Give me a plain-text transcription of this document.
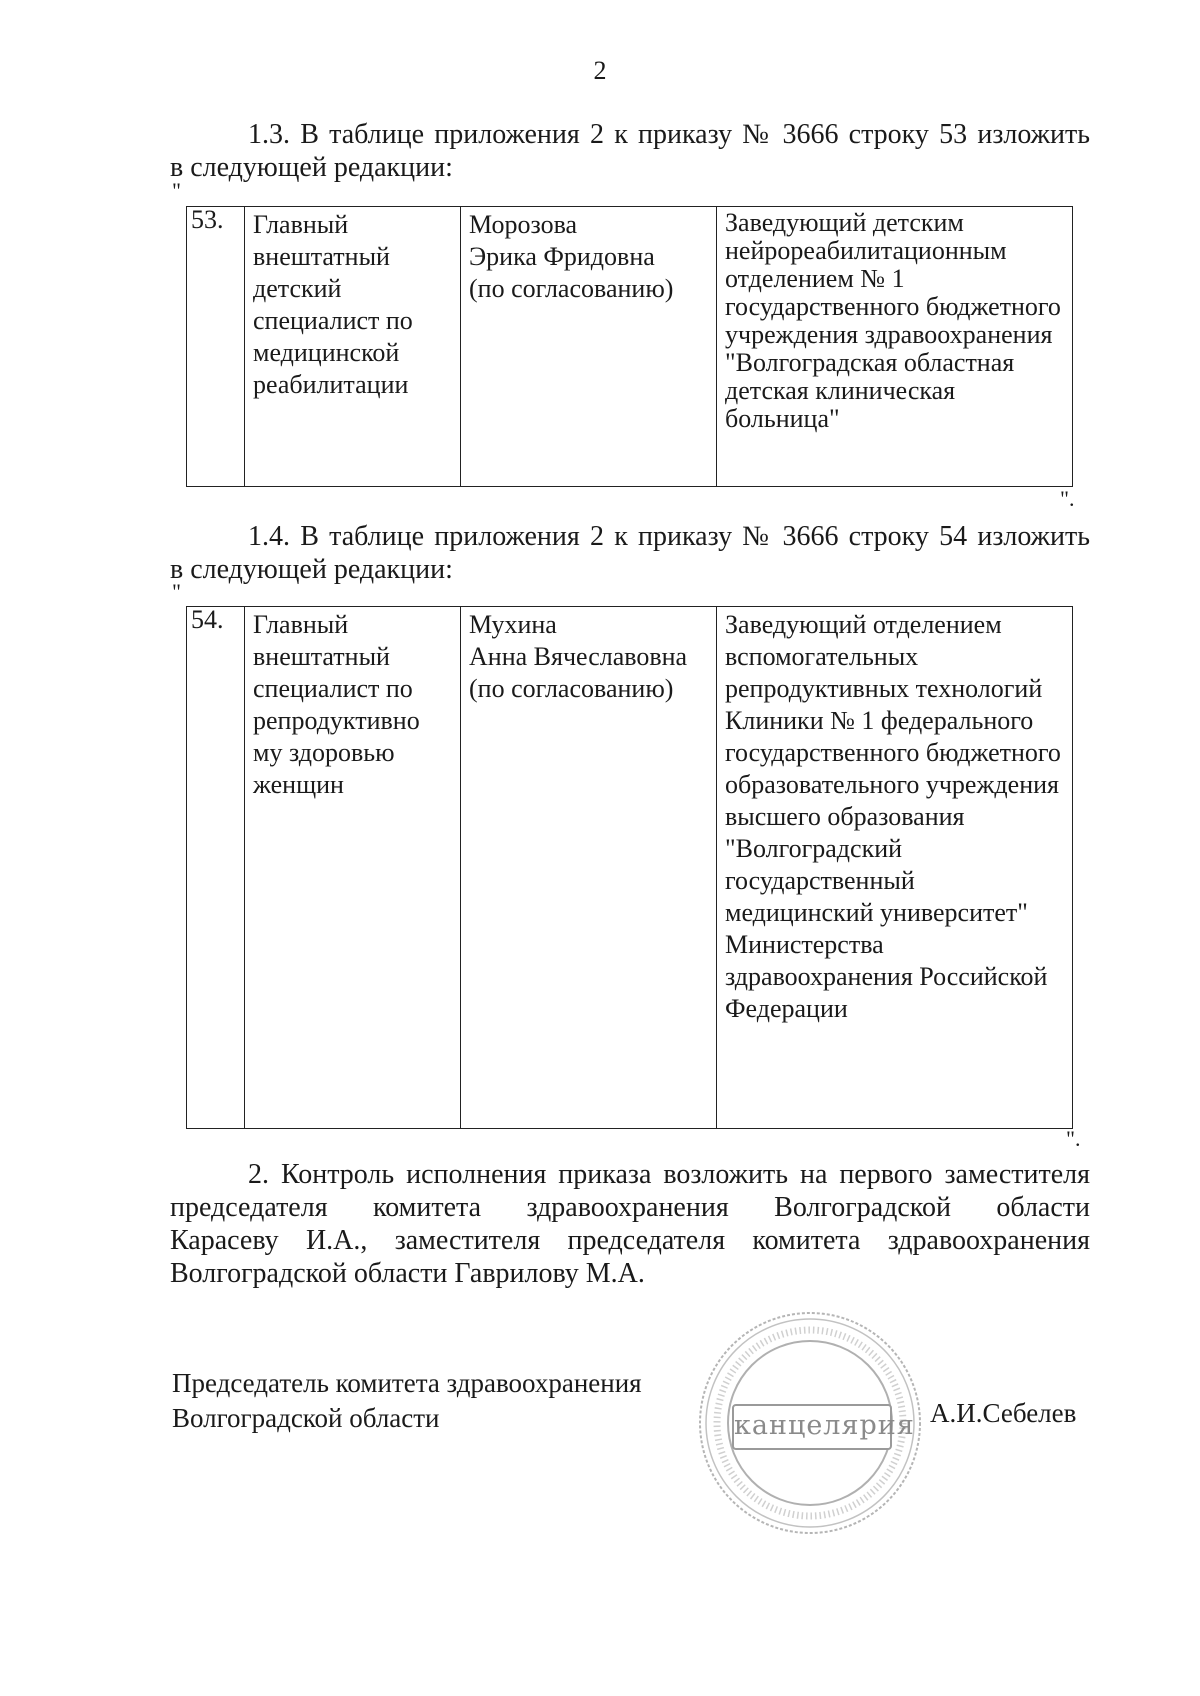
2
1.3. В таблице приложения 2 к приказу № 3666 строку 53 изложить
в следующей редакции:
"
53.	Главный внештатный детский специалист по медицинской реабилитации	Морозова
Эрика Фридовна
(по согласованию)	Заведующий детским нейрореабилитационным отделением № 1 государственного бюджетного учреждения здравоохранения "Волгоградская областная детская клиническая больница"
".
1.4. В таблице приложения 2 к приказу № 3666 строку 54 изложить
в следующей редакции:
"
54.	Главный внештатный специалист по репродуктивно му здоровью женщин	Мухина
Анна Вячеславовна
(по согласованию)	Заведующий отделением вспомогательных репродуктивных технологий Клиники № 1 федерального государственного бюджетного образовательного учреждения высшего образования "Волгоградский государственный медицинский университет" Министерства здравоохранения Российской Федерации
".
2. Контроль исполнения приказа возложить на первого заместителя
председателя комитета здравоохранения Волгоградской области
Карасеву И.А., заместителя председателя комитета здравоохранения
Волгоградской области Гаврилову М.А.
Председатель комитета здравоохранения
Волгоградской области	канцелярия А.И.Себелев
